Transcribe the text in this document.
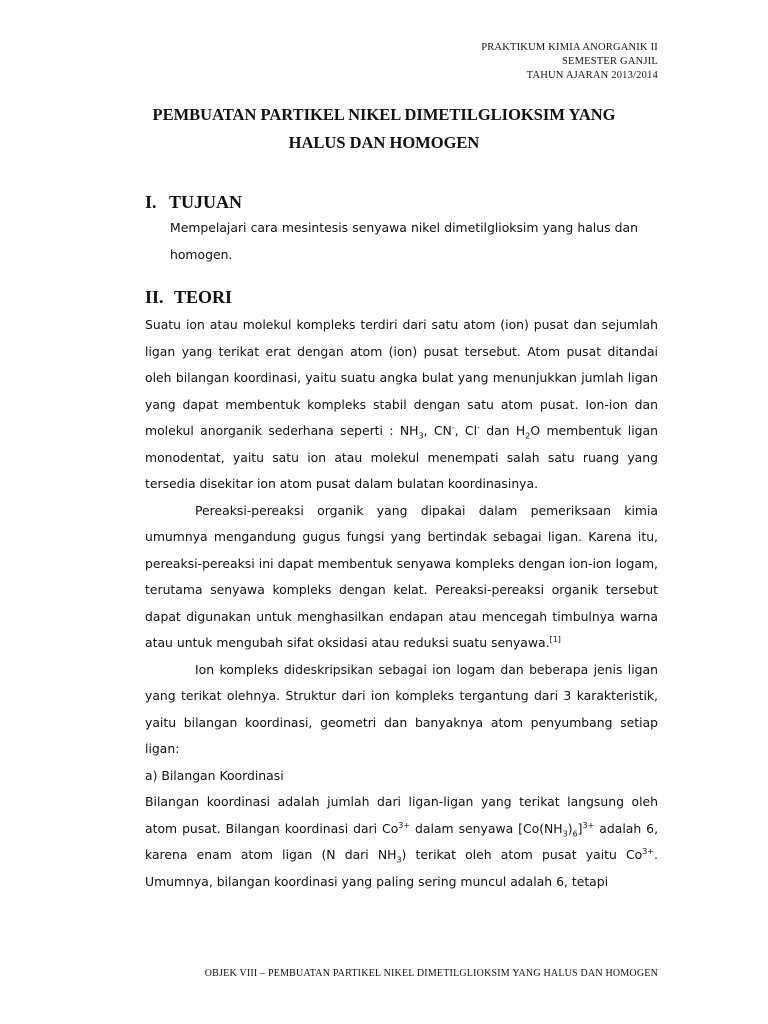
PRAKTIKUM KIMIA ANORGANIK II
SEMESTER GANJIL
TAHUN AJARAN 2013/2014
PEMBUATAN PARTIKEL NIKEL DIMETILGLIOKSIM YANG
HALUS DAN HOMOGEN
I. TUJUAN
Mempelajari cara mesintesis senyawa nikel dimetilglioksim yang halus dan homogen.
II. TEORI

Suatu ion atau molekul kompleks terdiri dari satu atom (ion) pusat dan sejumlah ligan yang terikat erat dengan atom (ion) pusat tersebut. Atom pusat ditandai oleh bilangan koordinasi, yaitu suatu angka bulat yang menunjukkan jumlah ligan yang dapat membentuk kompleks stabil dengan satu atom pusat. Ion-ion dan molekul anorganik sederhana seperti : $NH_3$, CN-, Cl- dan $H_2O$ membentuk ligan monodentat, yaitu satu ion atau molekul menempati salah satu ruang yang tersedia disekitar ion atom pusat dalam bulatan koordinasinya.

Pereaksi-pereaksi organik yang dipakai dalam pemeriksaan kimia umumnya mengandung gugus fungsi yang bertindak sebagai ligan. Karena itu, pereaksi-pereaksi ini dapat membentuk senyawa kompleks dengan ion-ion logam, terutama senyawa kompleks dengan kelat. Pereaksi-pereaksi organik tersebut dapat digunakan untuk menghasilkan endapan atau mencegah timbulnya warna atau untuk mengubah sifat oksidasi atau reduksi suatu senyawa.[1]

Ion kompleks dideskripsikan sebagai ion logam dan beberapa jenis ligan yang terikat olehnya. Struktur dari ion kompleks tergantung dari 3 karakteristik, yaitu bilangan koordinasi, geometri dan banyaknya atom penyumbang setiap ligan:

a) Bilangan Koordinasi

Bilangan koordinasi adalah jumlah dari ligan-ligan yang terikat langsung oleh atom pusat. Bilangan koordinasi dari $Co^{3+}$ dalam senyawa $[Co(NH_3)_6]^{3+}$ adalah 6, karena enam atom ligan (N dari $NH_3$) terikat oleh atom pusat yaitu $Co^{3+}$. Umumnya, bilangan koordinasi yang paling sering muncul adalah 6, tetapi

OBJEK VIII – PEMBUATAN PARTIKEL NIKEL DIMETILGLIOKSIM YANG HALUS DAN HOMOGEN
